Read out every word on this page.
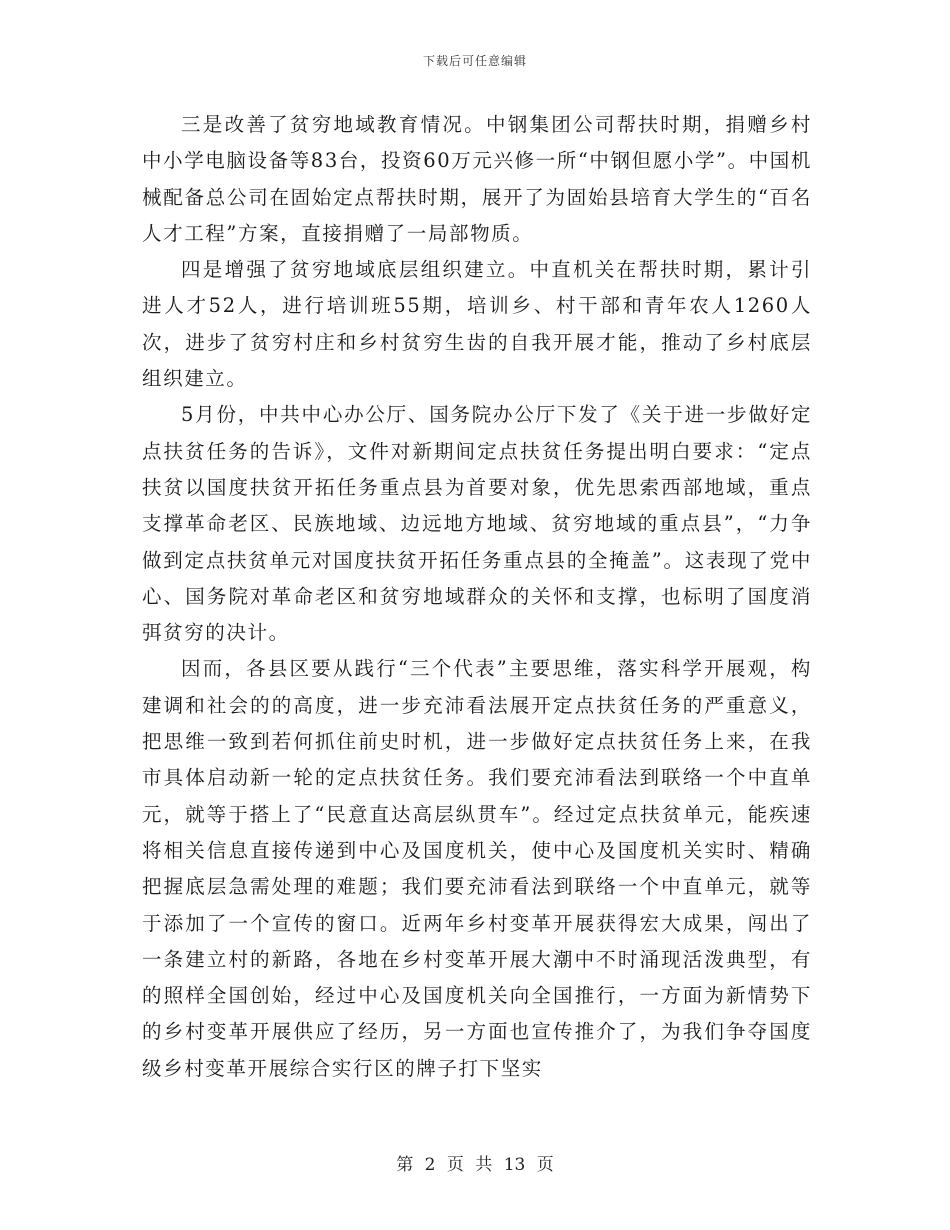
下载后可任意编辑

三是改善了贫穷地域教育情况。中钢集团公司帮扶时期，捐赠乡村中小学电脑设备等83台，投资60万元兴修一所“中钢但愿小学”。中国机械配备总公司在固始定点帮扶时期，展开了为固始县培育大学生的“百名人才工程”方案，直接捐赠了一局部物质。

四是增强了贫穷地域底层组织建立。中直机关在帮扶时期，累计引进人才52人，进行培训班55期，培训乡、村干部和青年农人1260人次，进步了贫穷村庄和乡村贫穷生齿的自我开展才能，推动了乡村底层组织建立。

5月份，中共中心办公厅、国务院办公厅下发了《关于进一步做好定点扶贫任务的告诉》，文件对新期间定点扶贫任务提出明白要求：“定点扶贫以国度扶贫开拓任务重点县为首要对象，优先思索西部地域，重点支撑革命老区、民族地域、边远地方地域、贫穷地域的重点县”，“力争做到定点扶贫单元对国度扶贫开拓任务重点县的全掩盖”。这表现了党中心、国务院对革命老区和贫穷地域群众的关怀和支撑，也标明了国度消弭贫穷的决计。

因而，各县区要从践行“三个代表”主要思维，落实科学开展观，构建调和社会的的高度，进一步充沛看法展开定点扶贫任务的严重意义，把思维一致到若何抓住前史时机，进一步做好定点扶贫任务上来，在我市具体启动新一轮的定点扶贫任务。我们要充沛看法到联络一个中直单元，就等于搭上了“民意直达高层纵贯车”。经过定点扶贫单元，能疾速将相关信息直接传递到中心及国度机关，使中心及国度机关实时、精确把握底层急需处理的难题；我们要充沛看法到联络一个中直单元，就等于添加了一个宣传的窗口。近两年乡村变革开展获得宏大成果，闯出了一条建立村的新路，各地在乡村变革开展大潮中不时涌现活泼典型，有的照样全国创始，经过中心及国度机关向全国推行，一方面为新情势下的乡村变革开展供应了经历，另一方面也宣传推介了，为我们争夺国度级乡村变革开展综合实行区的牌子打下坚实

第 2 页 共 13 页
